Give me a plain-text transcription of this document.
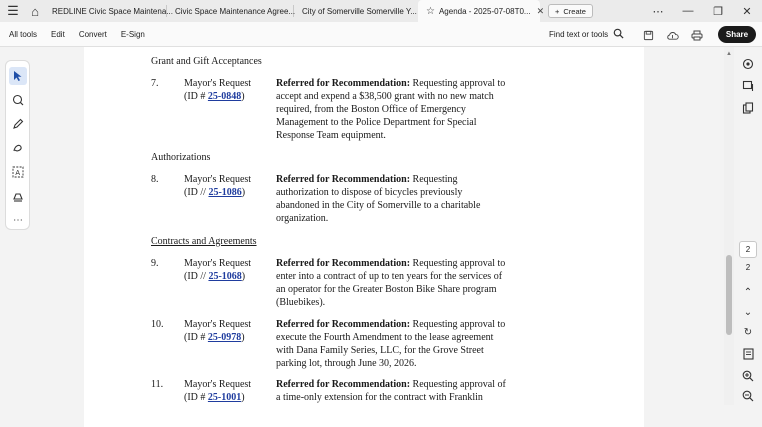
☰ ⌂	REDLINE Civic Space Maintena... Civic Space Maintenance Agree... City of Somerville Somerville Y... ☆ Agenda - 2025-07-08T0... ✕ + Create	⋯	—	❐	✕
All tools	Edit	Convert	E-Sign	Find text or tools	Share
A
⋯
Grant and Gift Acceptances
7.	Mayor's Request
(ID # 25-0848)
Referred for Recommendation: Requesting approval to
accept and expend a $38,500 grant with no new match
required, from the Boston Office of Emergency
Management to the Police Department for Special
Response Team equipment.
Authorizations
8.	Mayor's Request
(ID // 25-1086)
Referred for Recommendation: Requesting
authorization to dispose of bicycles previously
abandoned in the City of Somerville to a charitable
organization.
Contracts and Agreements
9.	Mayor's Request
(ID // 25-1068)
Referred for Recommendation: Requesting approval to
enter into a contract of up to ten years for the services of
an operator for the Greater Boston Bike Share program
(Bluebikes).
10. Mayor's Request
(ID # 25-0978)
Referred for Recommendation: Requesting approval to
execute the Fourth Amendment to the lease agreement
with Dana Family Series, LLC, for the Grove Street
parking lot, through June 30, 2026.
11. Mayor's Request
(ID # 25-1001)
Referred for Recommendation: Requesting approval of
a time-only extension for the contract with Franklin
▲
2
2
⌃
⌄
↻
